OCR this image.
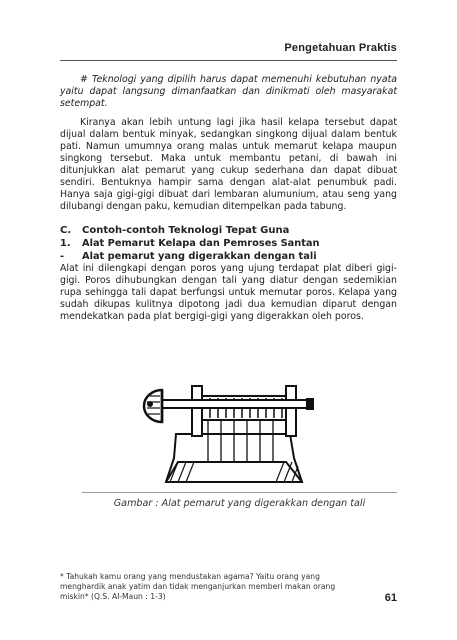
Pengetahuan Praktis

# Teknologi yang dipilih harus dapat memenuhi kebutuhan nyata yaitu dapat langsung dimanfaatkan dan dinikmati oleh masyarakat setempat.

Kiranya akan lebih untung lagi jika hasil kelapa tersebut dapat dijual dalam bentuk minyak, sedangkan singkong dijual dalam bentuk pati. Namun umumnya orang malas untuk memarut kelapa maupun singkong tersebut. Maka untuk membantu petani, di bawah ini ditunjukkan alat pemarut yang cukup sederhana dan dapat dibuat sendiri. Bentuknya hampir sama dengan alat-alat penumbuk padi. Hanya saja gigi-gigi dibuat dari lembaran alumunium, atau seng yang dilubangi dengan paku, kemudian ditempelkan pada tabung.

C.	Contoh-contoh Teknologi Tepat Guna
1.	Alat Pemarut Kelapa dan Pemroses Santan
-	Alat pemarut yang digerakkan dengan tali

Alat ini dilengkapi dengan poros yang ujung terdapat plat diberi gigi-gigi. Poros dihubungkan dengan tali yang diatur dengan sedemikian rupa sehingga tali dapat berfungsi untuk memutar poros. Kelapa yang sudah dikupas kulitnya dipotong jadi dua kemudian diparut dengan mendekatkan pada plat bergigi-gigi yang digerakkan oleh poros.

Gambar : Alat pemarut yang digerakkan dengan tali
* Tahukah kamu orang yang mendustakan agama? Yaitu orang yang menghardik anak yatim dan tidak menganjurkan memberi makan orang miskin* (Q.S. Al-Maun : 1-3)	61
